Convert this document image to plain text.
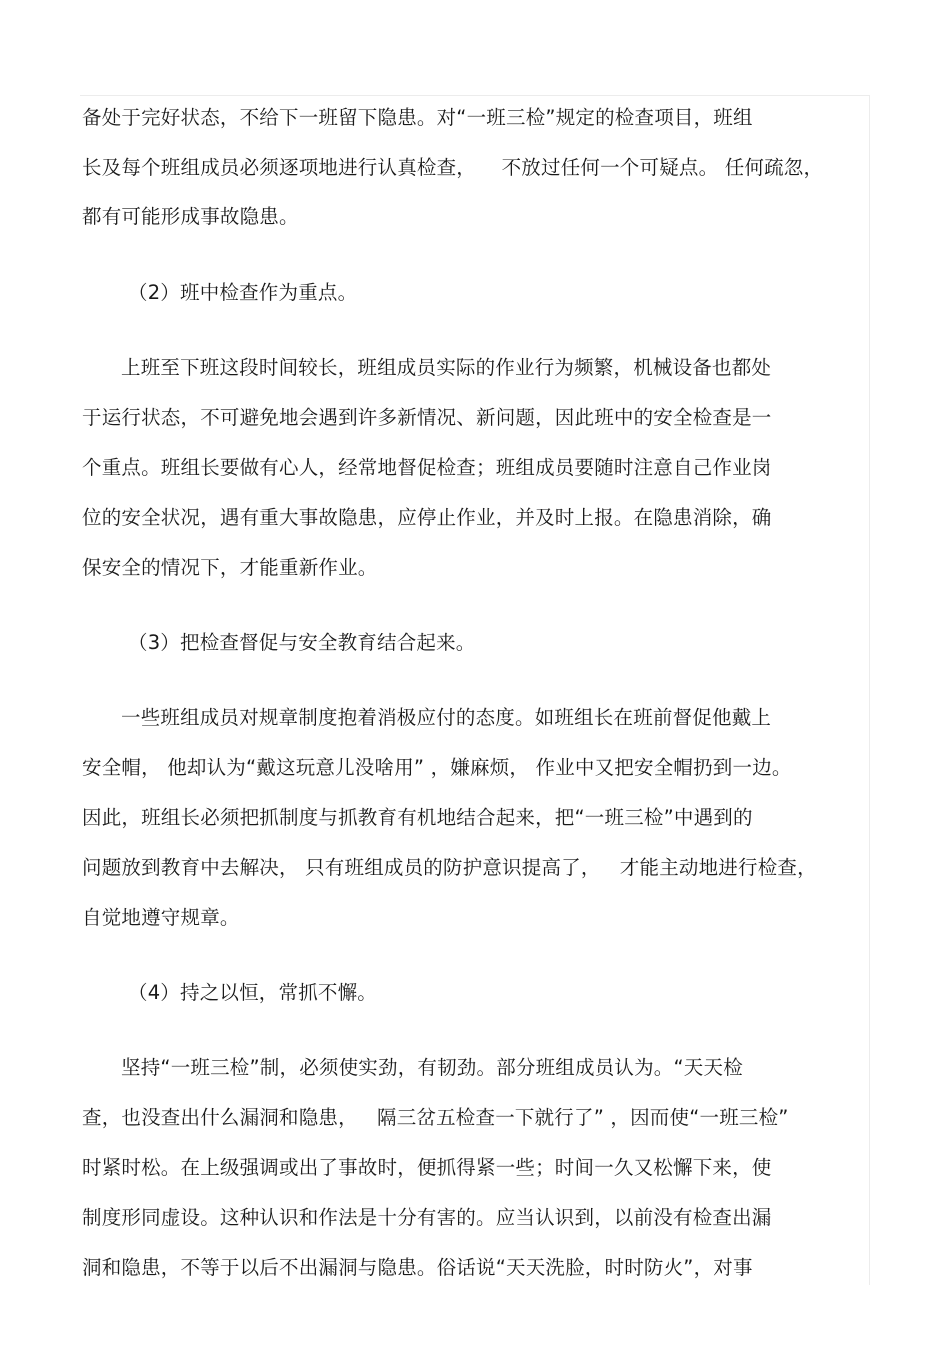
备处于完好状态，不给下一班留下隐患。对“一班三检”规定的检查项目，班组
长及每个班组成员必须逐项地进行认真检查，    不放过任何一个可疑点。 任何疏忽，
都有可能形成事故隐患。
（2）班中检查作为重点。
上班至下班这段时间较长，班组成员实际的作业行为频繁，机械设备也都处
于运行状态，不可避免地会遇到许多新情况、新问题，因此班中的安全检查是一
个重点。班组长要做有心人，经常地督促检查；班组成员要随时注意自己作业岗
位的安全状况，遇有重大事故隐患，应停止作业，并及时上报。在隐患消除，确
保安全的情况下，才能重新作业。
（3）把检查督促与安全教育结合起来。
一些班组成员对规章制度抱着消极应付的态度。如班组长在班前督促他戴上
安全帽， 他却认为“戴这玩意儿没啥用” ，嫌麻烦， 作业中又把安全帽扔到一边。
因此，班组长必须把抓制度与抓教育有机地结合起来，把“一班三检”中遇到的
问题放到教育中去解决， 只有班组成员的防护意识提高了，   才能主动地进行检查，
自觉地遵守规章。
（4）持之以恒，常抓不懈。
坚持“一班三检”制，必须使实劲，有韧劲。部分班组成员认为。“天天检
查，也没查出什么漏洞和隐患，   隔三岔五检查一下就行了” ，因而使“一班三检”
时紧时松。在上级强调或出了事故时，便抓得紧一些；时间一久又松懈下来，使
制度形同虚设。这种认识和作法是十分有害的。应当认识到，以前没有检查出漏
洞和隐患，不等于以后不出漏洞与隐患。俗话说“天天洗脸，时时防火”，对事
